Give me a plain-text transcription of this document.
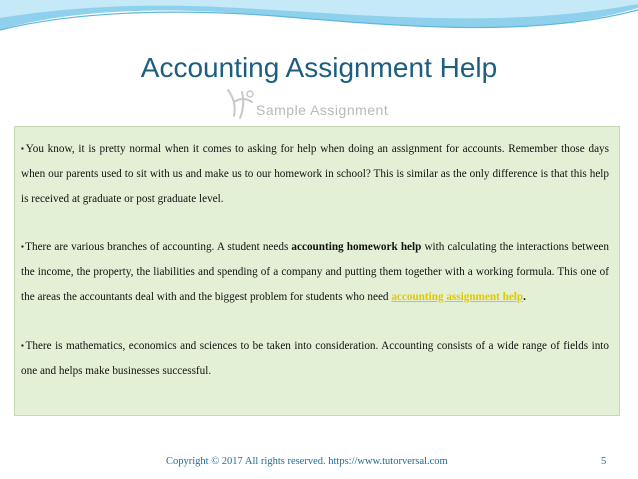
Accounting Assignment Help
Sample Assignment

▪You know, it is pretty normal when it comes to asking for help when doing an assignment for accounts. Remember those days when our parents used to sit with us and make us to our homework in school? This is similar as the only difference is that this help is received at graduate or post graduate level.

▪There are various branches of accounting. A student needs accounting homework help with calculating the interactions between the income, the property, the liabilities and spending of a company and putting them together with a working formula. This one of the areas the accountants deal with and the biggest problem for students who need accounting assignment help.

▪There is mathematics, economics and sciences to be taken into consideration. Accounting consists of a wide range of fields into one and helps make businesses successful.

Copyright © 2017 All rights reserved. https://www.tutorversal.com	5
